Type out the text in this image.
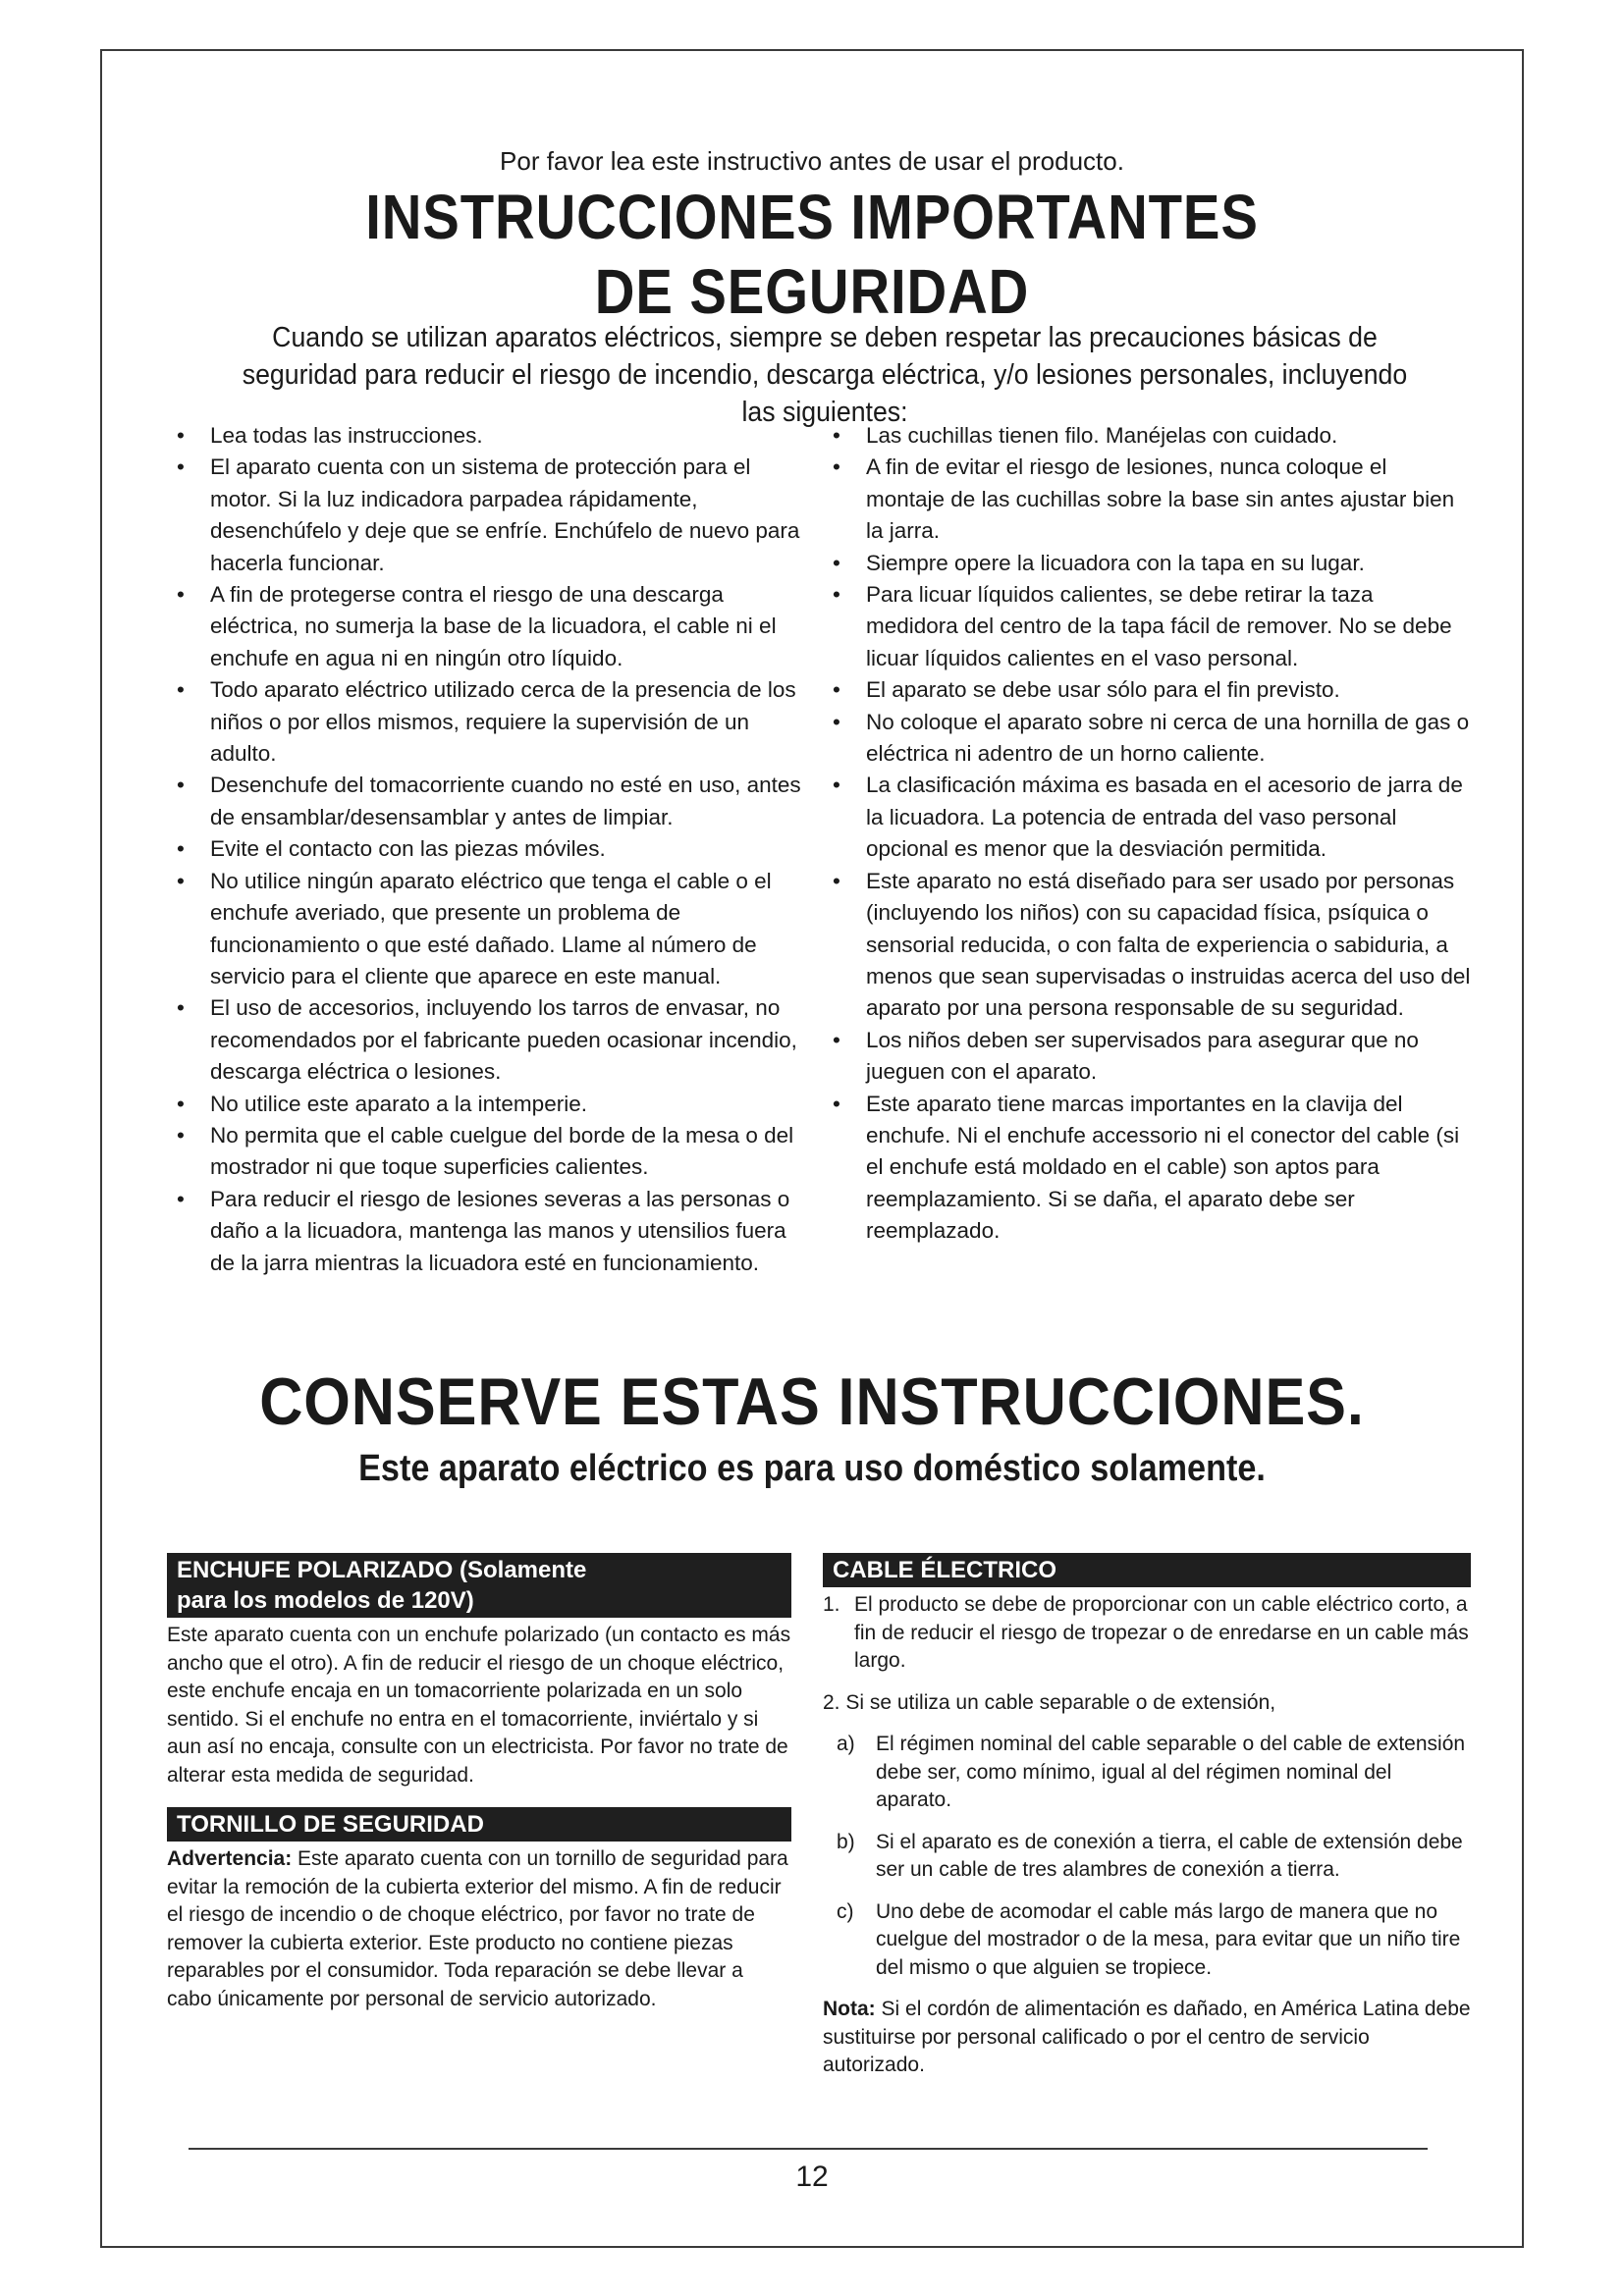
Por favor lea este instructivo antes de usar el producto.
INSTRUCCIONES IMPORTANTES
DE SEGURIDAD
Cuando se utilizan aparatos eléctricos, siempre se deben respetar las precauciones básicas de seguridad para reducir el riesgo de incendio, descarga eléctrica, y/o lesiones personales, incluyendo las siguientes:
• Lea todas las instrucciones.
• El aparato cuenta con un sistema de protección para el motor. Si la luz indicadora parpadea rápidamente, desenchúfelo y deje que se enfríe. Enchúfelo de nuevo para hacerla funcionar.
• A fin de protegerse contra el riesgo de una descarga eléctrica, no sumerja la base de la licuadora, el cable ni el enchufe en agua ni en ningún otro líquido.
• Todo aparato eléctrico utilizado cerca de la presencia de los niños o por ellos mismos, requiere la supervisión de un adulto.
• Desenchufe del tomacorriente cuando no esté en uso, antes de ensamblar/desensamblar y antes de limpiar.
• Evite el contacto con las piezas móviles.
• No utilice ningún aparato eléctrico que tenga el cable o el enchufe averiado, que presente un problema de funcionamiento o que esté dañado. Llame al número de servicio para el cliente que aparece en este manual.
• El uso de accesorios, incluyendo los tarros de envasar, no recomendados por el fabricante pueden ocasionar incendio, descarga eléctrica o lesiones.
• No utilice este aparato a la intemperie.
• No permita que el cable cuelgue del borde de la mesa o del mostrador ni que toque superficies calientes.
• Para reducir el riesgo de lesiones severas a las personas o daño a la licuadora, mantenga las manos y utensilios fuera de la jarra mientras la licuadora esté en funcionamiento.
• Las cuchillas tienen filo. Manéjelas con cuidado.
• A fin de evitar el riesgo de lesiones, nunca coloque el montaje de las cuchillas sobre la base sin antes ajustar bien la jarra.
• Siempre opere la licuadora con la tapa en su lugar.
• Para licuar líquidos calientes, se debe retirar la taza medidora del centro de la tapa fácil de remover. No se debe licuar líquidos calientes en el vaso personal.
• El aparato se debe usar sólo para el fin previsto.
• No coloque el aparato sobre ni cerca de una hornilla de gas o eléctrica ni adentro de un horno caliente.
• La clasificación máxima es basada en el acesorio de jarra de la licuadora. La potencia de entrada del vaso personal opcional es menor que la desviación permitida.
• Este aparato no está diseñado para ser usado por personas (incluyendo los niños) con su capacidad física, psíquica o sensorial reducida, o con falta de experiencia o sabiduria, a menos que sean supervisadas o instruidas acerca del uso del aparato por una persona responsable de su seguridad.
• Los niños deben ser supervisados para asegurar que no jueguen con el aparato.
• Este aparato tiene marcas importantes en la clavija del enchufe. Ni el enchufe accessorio ni el conector del cable (si el enchufe está moldado en el cable) son aptos para reemplazamiento. Si se daña, el aparato debe ser reemplazado.
CONSERVE ESTAS INSTRUCCIONES.
Este aparato eléctrico es para uso doméstico solamente.
ENCHUFE POLARIZADO (Solamente
para los modelos de 120V)

Este aparato cuenta con un enchufe polarizado (un contacto es más ancho que el otro). A fin de reducir el riesgo de un choque eléctrico, este enchufe encaja en un tomacorriente polarizada en un solo sentido. Si el enchufe no entra en el tomacorriente, inviértalo y si aun así no encaja, consulte con un electricista. Por favor no trate de alterar esta medida de seguridad.

TORNILLO DE SEGURIDAD

Advertencia: Este aparato cuenta con un tornillo de seguridad para evitar la remoción de la cubierta exterior del mismo. A fin de reducir el riesgo de incendio o de choque eléctrico, por favor no trate de remover la cubierta exterior. Este producto no contiene piezas reparables por el consumidor. Toda reparación se debe llevar a cabo únicamente por personal de servicio autorizado.

CABLE ÉLECTRICO
1. El producto se debe de proporcionar con un cable eléctrico corto, a fin de reducir el riesgo de tropezar o de enredarse en un cable más largo.
2. Si se utiliza un cable separable o de extensión,
a) El régimen nominal del cable separable o del cable de extensión debe ser, como mínimo, igual al del régimen nominal del aparato.
b) Si el aparato es de conexión a tierra, el cable de extensión debe ser un cable de tres alambres de conexión a tierra.
c) Uno debe de acomodar el cable más largo de manera que no cuelgue del mostrador o de la mesa, para evitar que un niño tire del mismo o que alguien se tropiece.

Nota: Si el cordón de alimentación es dañado, en América Latina debe sustituirse por personal calificado o por el centro de servicio autorizado.

12
